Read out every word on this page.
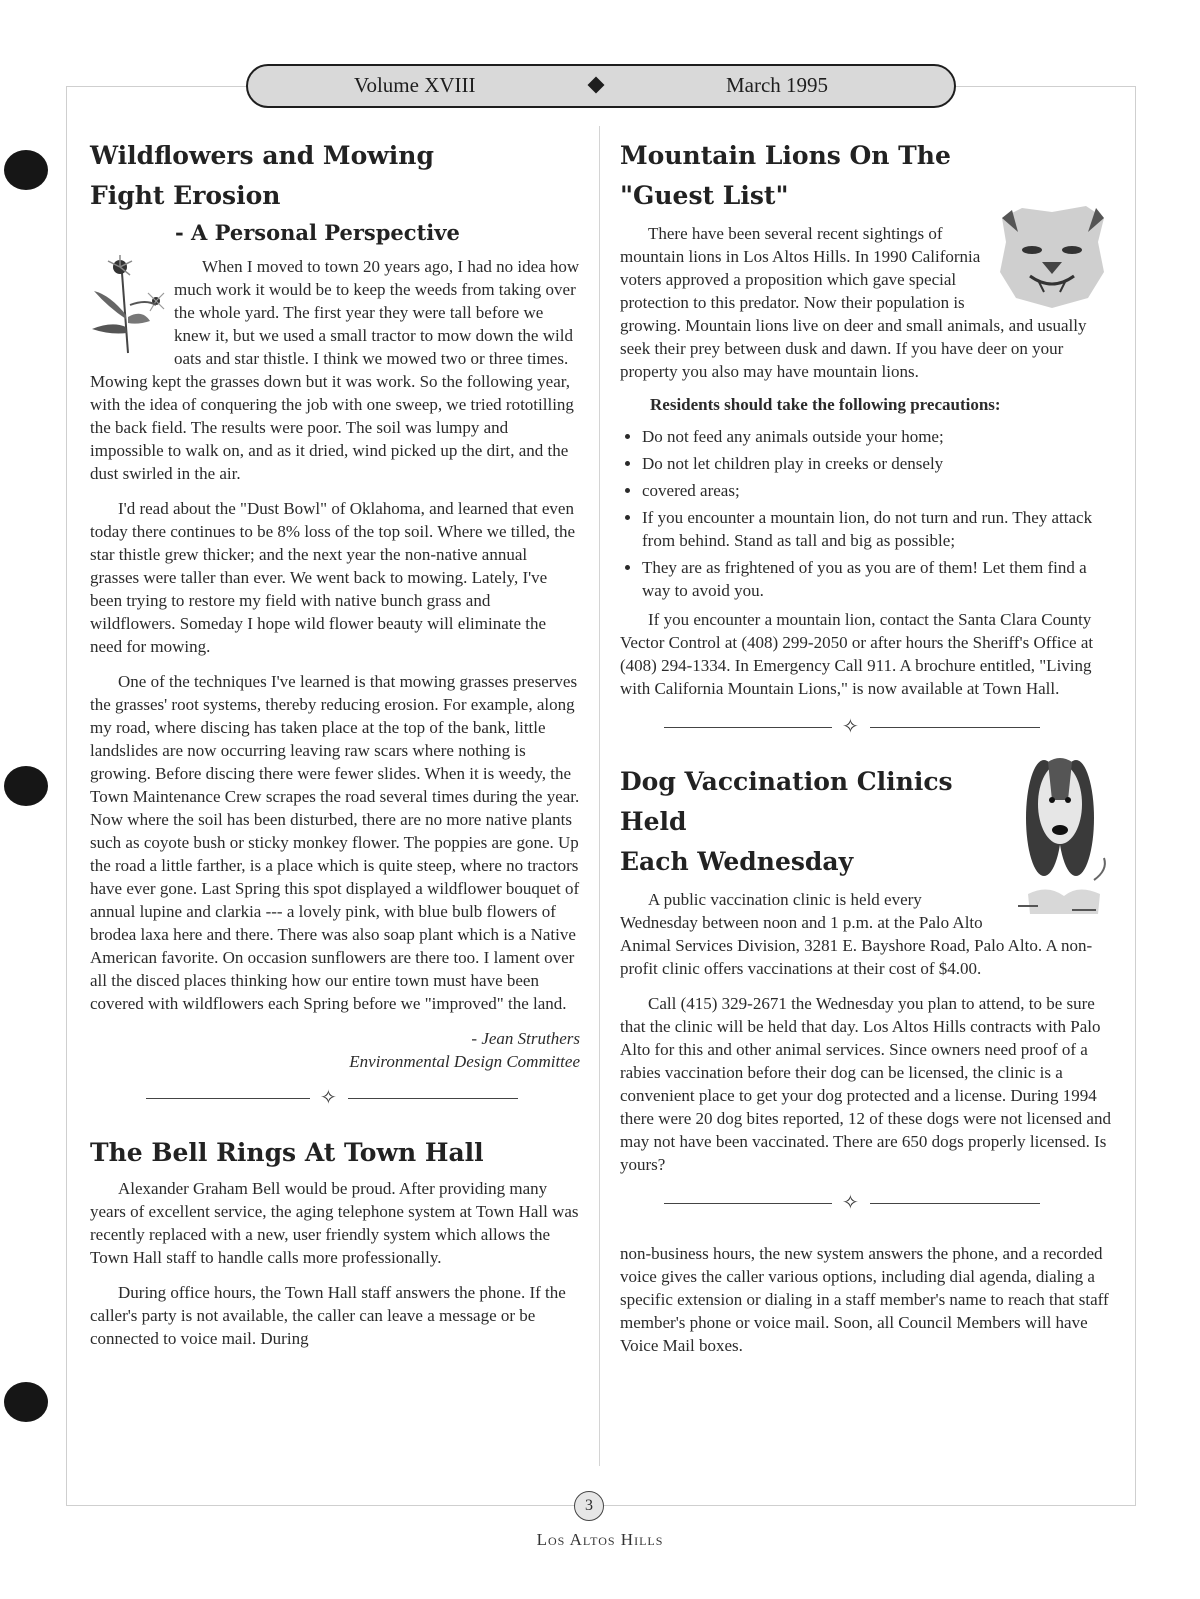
Volume XVIII	March 1995
Wildflowers and Mowing
Fight Erosion
- A Personal Perspective

When I moved to town 20 years ago, I had no idea how much work it would be to keep the weeds from taking over the whole yard. The first year they were tall before we knew it, but we used a small tractor to mow down the wild oats and star thistle. I think we mowed two or three times. Mowing kept the grasses down but it was work. So the following year, with the idea of conquering the job with one sweep, we tried rototilling the back field. The results were poor. The soil was lumpy and impossible to walk on, and as it dried, wind picked up the dirt, and the dust swirled in the air.

I'd read about the "Dust Bowl" of Oklahoma, and learned that even today there continues to be 8% loss of the top soil. Where we tilled, the star thistle grew thicker; and the next year the non-native annual grasses were taller than ever. We went back to mowing. Lately, I've been trying to restore my field with native bunch grass and wildflowers. Someday I hope wild flower beauty will eliminate the need for mowing.

One of the techniques I've learned is that mowing grasses preserves the grasses' root systems, thereby reducing erosion. For example, along my road, where discing has taken place at the top of the bank, little landslides are now occurring leaving raw scars where nothing is growing. Before discing there were fewer slides. When it is weedy, the Town Maintenance Crew scrapes the road several times during the year. Now where the soil has been disturbed, there are no more native plants such as coyote bush or sticky monkey flower. The poppies are gone. Up the road a little farther, is a place which is quite steep, where no tractors have ever gone. Last Spring this spot displayed a wildflower bouquet of annual lupine and clarkia --- a lovely pink, with blue bulb flowers of brodea laxa here and there. There was also soap plant which is a Native American favorite. On occasion sunflowers are there too. I lament over all the disced places thinking how our entire town must have been covered with wildflowers each Spring before we "improved" the land.

- Jean Struthers
Environmental Design Committee
✧
The Bell Rings At Town Hall

Alexander Graham Bell would be proud. After providing many years of excellent service, the aging telephone system at Town Hall was recently replaced with a new, user friendly system which allows the Town Hall staff to handle calls more professionally.

During office hours, the Town Hall staff answers the phone. If the caller's party is not available, the caller can leave a message or be connected to voice mail. During

Mountain Lions On The
"Guest List"

There have been several recent sightings of mountain lions in Los Altos Hills. In 1990 California voters approved a proposition which gave special protection to this predator. Now their population is growing. Mountain lions live on deer and small animals, and usually seek their prey between dusk and dawn. If you have deer on your property you also may have mountain lions.

Residents should take the following precautions:
• Do not feed any animals outside your home;
• Do not let children play in creeks or densely
• covered areas;
• If you encounter a mountain lion, do not turn and run. They attack from behind. Stand as tall and big as possible;
• They are as frightened of you as you are of them! Let them find a way to avoid you.

If you encounter a mountain lion, contact the Santa Clara County Vector Control at (408) 299-2050 or after hours the Sheriff's Office at (408) 294-1334. In Emergency Call 911. A brochure entitled, "Living with California Mountain Lions," is now available at Town Hall.

✧
Dog Vaccination Clinics Held
Each Wednesday

A public vaccination clinic is held every Wednesday between noon and 1 p.m. at the Palo Alto Animal Services Division, 3281 E. Bayshore Road, Palo Alto. A non-profit clinic offers vaccinations at their cost of $4.00.

Call (415) 329-2671 the Wednesday you plan to attend, to be sure that the clinic will be held that day. Los Altos Hills contracts with Palo Alto for this and other animal services. Since owners need proof of a rabies vaccination before their dog can be licensed, the clinic is a convenient place to get your dog protected and a license. During 1994 there were 20 dog bites reported, 12 of these dogs were not licensed and may not have been vaccinated. There are 650 dogs properly licensed. Is yours?

✧

non-business hours, the new system answers the phone, and a recorded voice gives the caller various options, including dial agenda, dialing a specific extension or dialing in a staff member's name to reach that staff member's phone or voice mail. Soon, all Council Members will have Voice Mail boxes.

3
Los Altos Hills
